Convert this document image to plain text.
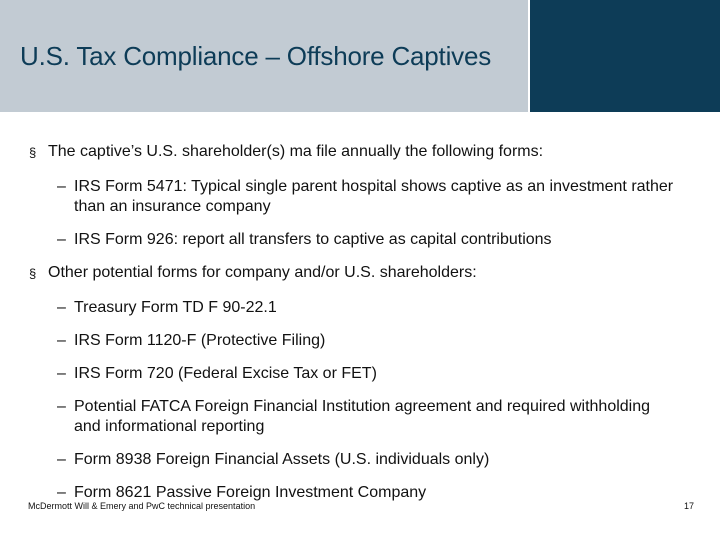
U.S. Tax Compliance – Offshore Captives
§ The captive’s U.S. shareholder(s) ma file annually the following forms:
– IRS Form 5471: Typical single parent hospital shows captive as an investment rather than an insurance company
– IRS Form 926: report all transfers to captive as capital contributions
§ Other potential forms for company and/or U.S. shareholders:
– Treasury Form TD F 90-22.1
– IRS Form 1120-F (Protective Filing)
– IRS Form 720 (Federal Excise Tax or FET)
– Potential FATCA Foreign Financial Institution agreement and required withholding and informational reporting
– Form 8938 Foreign Financial Assets (U.S. individuals only)
– Form 8621 Passive Foreign Investment Company
McDermott Will & Emery and PwC technical presentation	17
